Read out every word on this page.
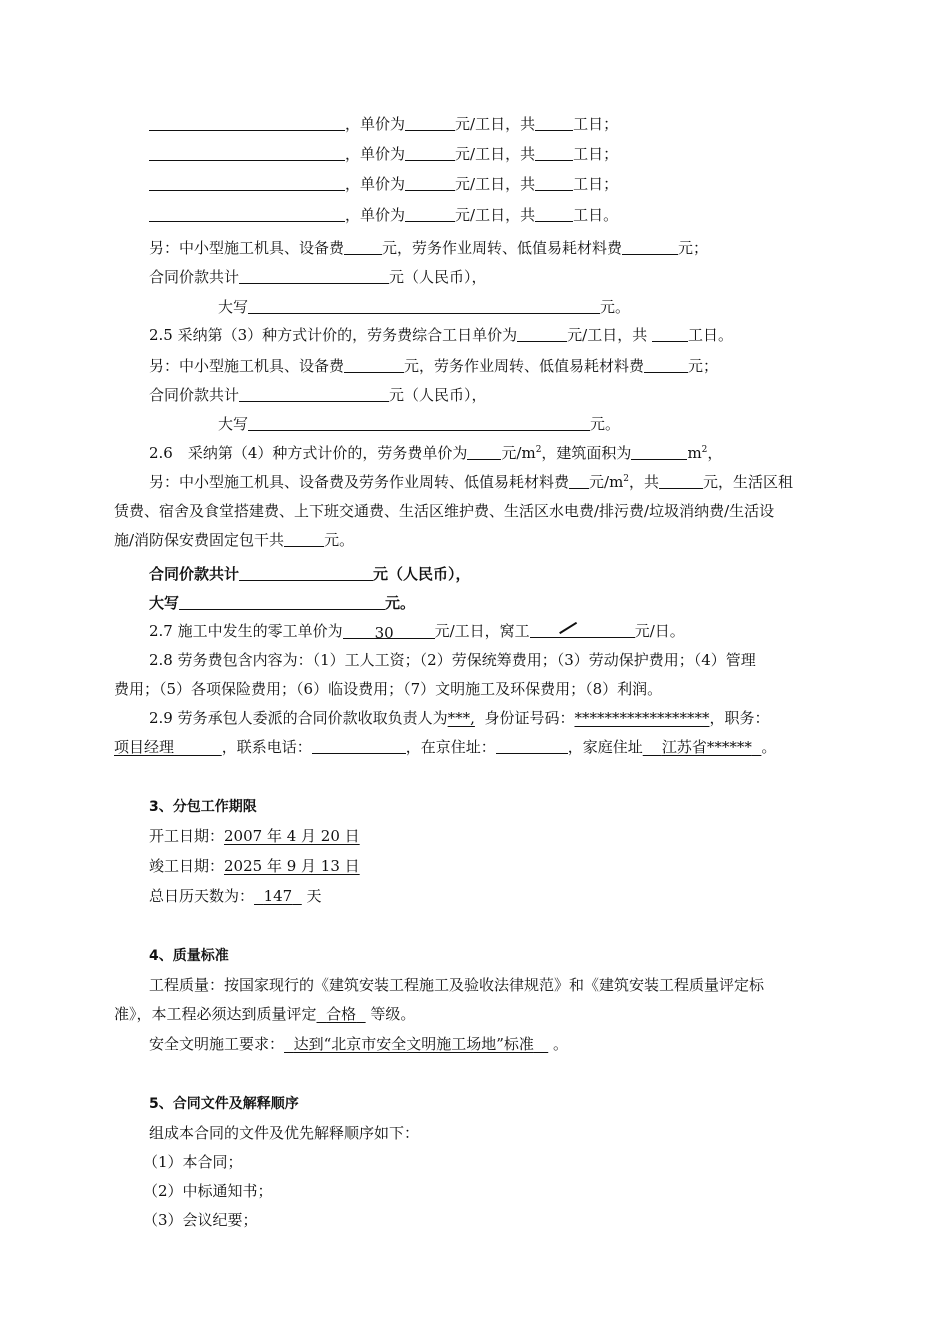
，单价为	元/工日，共	工日；
，单价为	元/工日，共	工日；
，单价为	元/工日，共	工日；
，单价为	元/工日，共	工日。
另：中小型施工机具、设备费	元，劳务作业周转、低值易耗材料费	元；
合同价款共计	元（人民币），
大写	元。
2.5 采纳第（3）种方式计价的，劳务费综合工日单价为	元/工日，共	工日。
另：中小型施工机具、设备费	元，劳务作业周转、低值易耗材料费	元；
合同价款共计	元（人民币），
大写	元。
2.6　采纳第（4）种方式计价的，劳务费单价为 元$/m^2$，建筑面积为	$m^2$，
另：中小型施工机具、设备费及劳务作业周转、低值易耗材料费 元$/m^2$，共	元，生活区租
赁费、宿舍及食堂搭建费、上下班交通费、生活区维护费、生活区水电费/排污费/垃圾消纳费/生活设
施/消防保安费固定包干共	元。
合同价款共计	元（人民币），
大写	元。
2.7 施工中发生的零工单价为 30	元/工日，窝工	元/日。
2.8 劳务费包含内容为：（1）工人工资；（2）劳保统筹费用；（3）劳动保护费用；（4）管理
费用；（5）各项保险费用；（6）临设费用；（7）文明施工及环保费用；（8）利润。
2.9 劳务承包人委派的合同价款收取负责人为***, 身份证号码：******************，职务：
项目经理	，联系电话：	，在京住址：	，家庭住址 江苏省****** 。
3、分包工作期限
开工日期：2007 年 4 月 20 日
竣工日期：2025 年 9 月 13 日
总日历天数为： 147 天
4、质量标准
工程质量：按国家现行的《建筑安装工程施工及验收法律规范》和《建筑安装工程质量评定标
准》，本工程必须达到质量评定 合格 等级。
安全文明施工要求： 达到“北京市安全文明施工场地”标准 。
5、合同文件及解释顺序
组成本合同的文件及优先解释顺序如下：
（1）本合同；
（2）中标通知书；
（3）会议纪要；
